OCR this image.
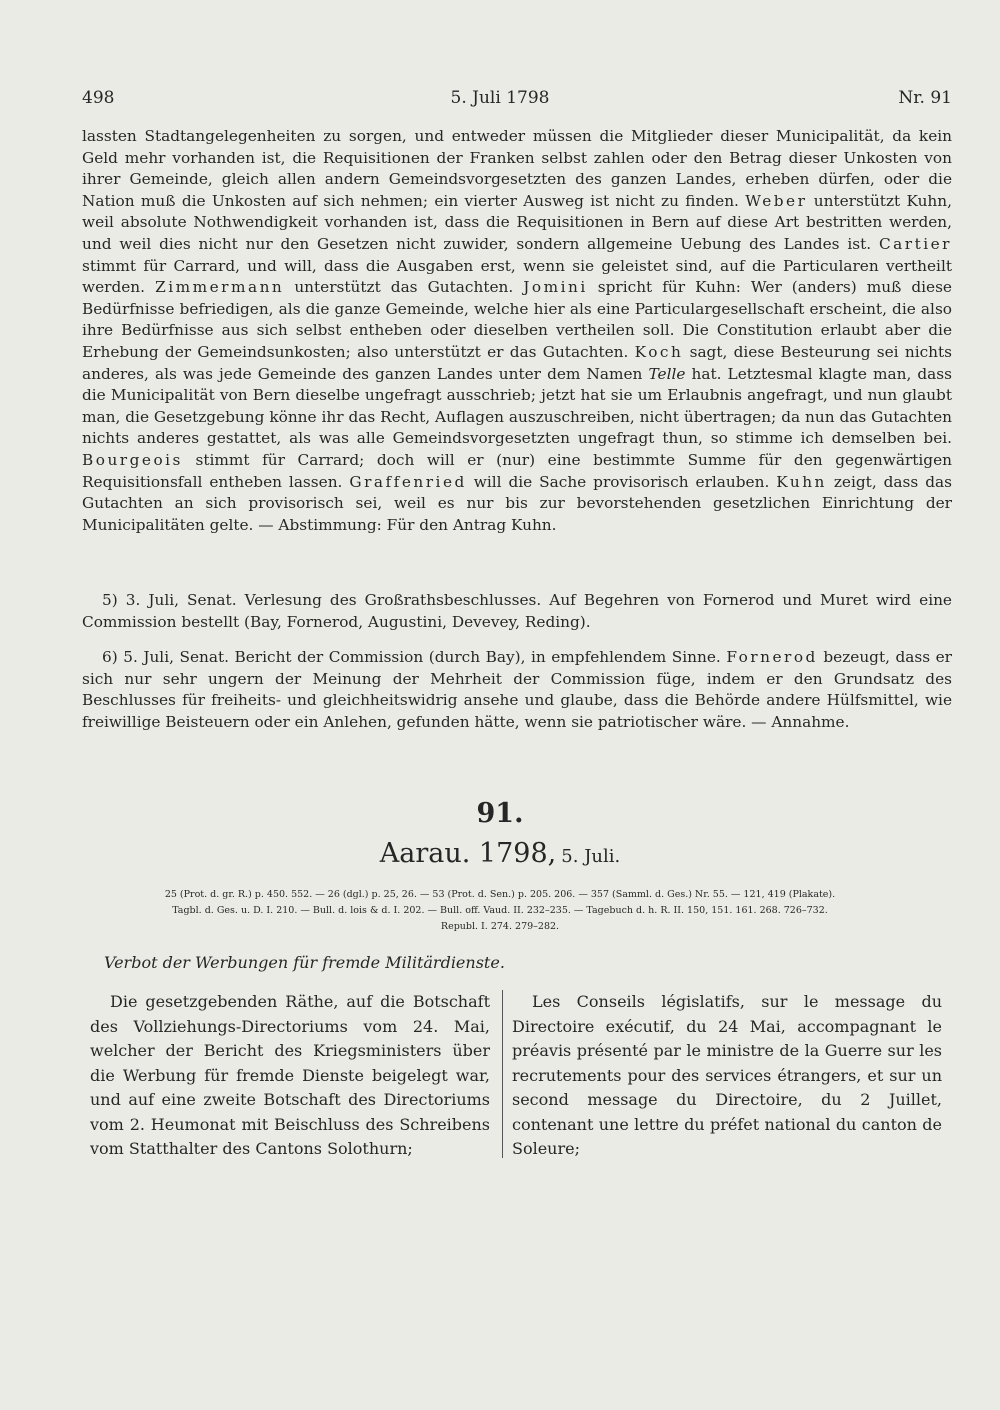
498	5. Juli 1798	Nr. 91

lassten Stadtangelegenheiten zu sorgen, und entweder müssen die Mitglieder dieser Municipalität, da kein Geld mehr vorhanden ist, die Requisitionen der Franken selbst zahlen oder den Betrag dieser Unkosten von ihrer Gemeinde, gleich allen andern Gemeindsvorgesetzten des ganzen Landes, erheben dürfen, oder die Nation muß die Unkosten auf sich nehmen; ein vierter Ausweg ist nicht zu finden. Weber unterstützt Kuhn, weil absolute Nothwendigkeit vorhanden ist, dass die Requisitionen in Bern auf diese Art bestritten werden, und weil dies nicht nur den Gesetzen nicht zuwider, sondern allgemeine Uebung des Landes ist. Cartier stimmt für Carrard, und will, dass die Ausgaben erst, wenn sie geleistet sind, auf die Particularen vertheilt werden. Zimmermann unterstützt das Gutachten. Jomini spricht für Kuhn: Wer (anders) muß diese Bedürfnisse befriedigen, als die ganze Gemeinde, welche hier als eine Particulargesellschaft erscheint, die also ihre Bedürfnisse aus sich selbst entheben oder dieselben vertheilen soll. Die Constitution erlaubt aber die Erhebung der Gemeindsunkosten; also unterstützt er das Gutachten. Koch sagt, diese Besteurung sei nichts anderes, als was jede Gemeinde des ganzen Landes unter dem Namen Telle hat. Letztesmal klagte man, dass die Municipalität von Bern dieselbe ungefragt ausschrieb; jetzt hat sie um Erlaubnis angefragt, und nun glaubt man, die Gesetzgebung könne ihr das Recht, Auflagen auszuschreiben, nicht übertragen; da nun das Gutachten nichts anderes gestattet, als was alle Gemeindsvorgesetzten ungefragt thun, so stimme ich demselben bei. Bourgeois stimmt für Carrard; doch will er (nur) eine bestimmte Summe für den gegenwärtigen Requisitionsfall entheben lassen. Graffenried will die Sache provisorisch erlauben. Kuhn zeigt, dass das Gutachten an sich provisorisch sei, weil es nur bis zur bevorstehenden gesetzlichen Einrichtung der Municipalitäten gelte. — Abstimmung: Für den Antrag Kuhn.

5) 3. Juli, Senat. Verlesung des Großrathsbeschlusses. Auf Begehren von Fornerod und Muret wird eine Commission bestellt (Bay, Fornerod, Augustini, Devevey, Reding).

6) 5. Juli, Senat. Bericht der Commission (durch Bay), in empfehlendem Sinne. Fornerod bezeugt, dass er sich nur sehr ungern der Meinung der Mehrheit der Commission füge, indem er den Grundsatz des Beschlusses für freiheits- und gleichheitswidrig ansehe und glaube, dass die Behörde andere Hülfsmittel, wie freiwillige Beisteuern oder ein Anlehen, gefunden hätte, wenn sie patriotischer wäre. — Annahme.

91.
Aarau. 1798, 5. Juli.
25 (Prot. d. gr. R.) p. 450. 552. — 26 (dgl.) p. 25, 26. — 53 (Prot. d. Sen.) p. 205. 206. — 357 (Samml. d. Ges.) Nr. 55. — 121, 419 (Plakate).
Tagbl. d. Ges. u. D. I. 210. — Bull. d. lois & d. I. 202. — Bull. off. Vaud. II. 232–235. — Tagebuch d. h. R. II. 150, 151. 161. 268. 726–732.
Republ. I. 274. 279–282.
Verbot der Werbungen für fremde Militärdienste.

Die gesetzgebenden Räthe, auf die Botschaft des Vollziehungs-Directoriums vom 24. Mai, welcher der Bericht des Kriegsministers über die Werbung für fremde Dienste beigelegt war, und auf eine zweite Botschaft des Directoriums vom 2. Heumonat mit Beischluss des Schreibens vom Statthalter des Cantons Solothurn;

Les Conseils législatifs, sur le message du Directoire exécutif, du 24 Mai, accompagnant le préavis présenté par le ministre de la Guerre sur les recrutements pour des services étrangers, et sur un second message du Directoire, du 2 Juillet, contenant une lettre du préfet national du canton de Soleure;
